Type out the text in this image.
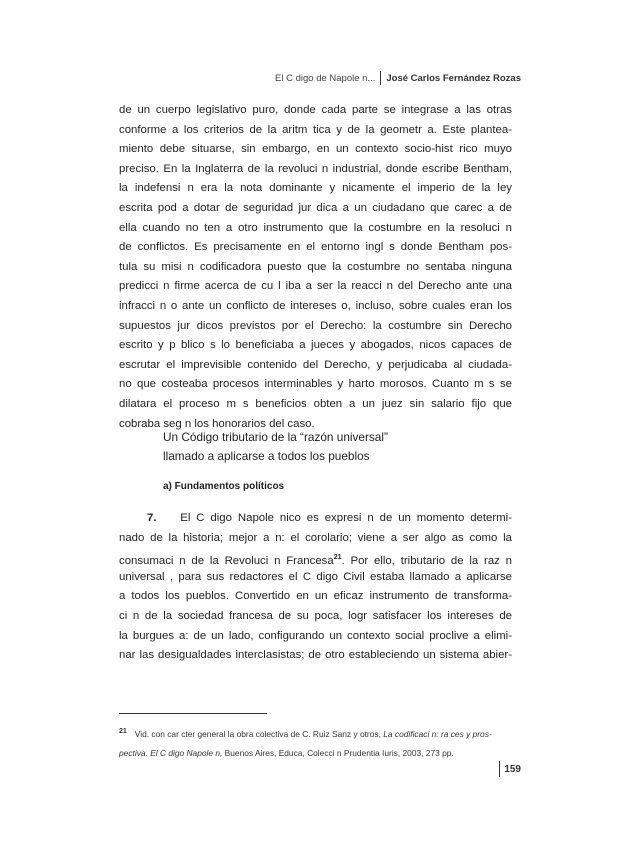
El C digo de Napole n... José Carlos Fernández Rozas
de un cuerpo legislativo puro, donde cada parte se integrase a las otras
conforme a los criterios de la aritm tica y de la geometr a. Este plantea-
miento debe situarse, sin embargo, en un contexto socio-hist rico muyo
preciso. En la Inglaterra de la revoluci n industrial, donde escribe Bentham,
la indefensi n era la nota dominante y nicamente el imperio de la ley
escrita pod a dotar de seguridad jur dica a un ciudadano que carec a de
ella cuando no ten a otro instrumento que la costumbre en la resoluci n
de conflictos. Es precisamente en el entorno ingl s donde Bentham pos-
tula su misi n codificadora puesto que la costumbre no sentaba ninguna
predicci n firme acerca de cu l iba a ser la reacci n del Derecho ante una
infracci n o ante un conflicto de intereses o, incluso, sobre cuales eran los
supuestos jur dicos previstos por el Derecho: la costumbre sin Derecho
escrito y p blico s lo beneficiaba a jueces y abogados, nicos capaces de
escrutar el imprevisible contenido del Derecho, y perjudicaba al ciudada-
no que costeaba procesos interminables y harto morosos. Cuanto m s se
dilatara el proceso m s beneficios obten a un juez sin salario fijo que
cobraba seg n los honorarios del caso.
Un Código tributario de la “razón universal”
llamado a aplicarse a todos los pueblos
a) Fundamentos políticos
7. El C digo Napole nico es expresi n de un momento determi-
nado de la historia; mejor a n: el corolario; viene a ser algo as como la
consumaci n de la Revoluci n Francesa$^{21}$. Por ello, tributario de la raz n
universal , para sus redactores el C digo Civil estaba llamado a aplicarse
a todos los pueblos. Convertido en un eficaz instrumento de transforma-
ci n de la sociedad francesa de su poca, logr satisfacer los intereses de
la burgues a: de un lado, configurando un contexto social proclive a elimi-
nar las desigualdades interclasistas; de otro estableciendo un sistema abier-
$^{21}$ Vid. con car cter general la obra colectiva de C. Ruiz Sanz y otros, La codificaci n: ra ces y pros-
pectiva. El C digo Napole n, Buenos Aires, Educa, Colecci n Prudentia Iuris, 2003, 273 pp.
159
